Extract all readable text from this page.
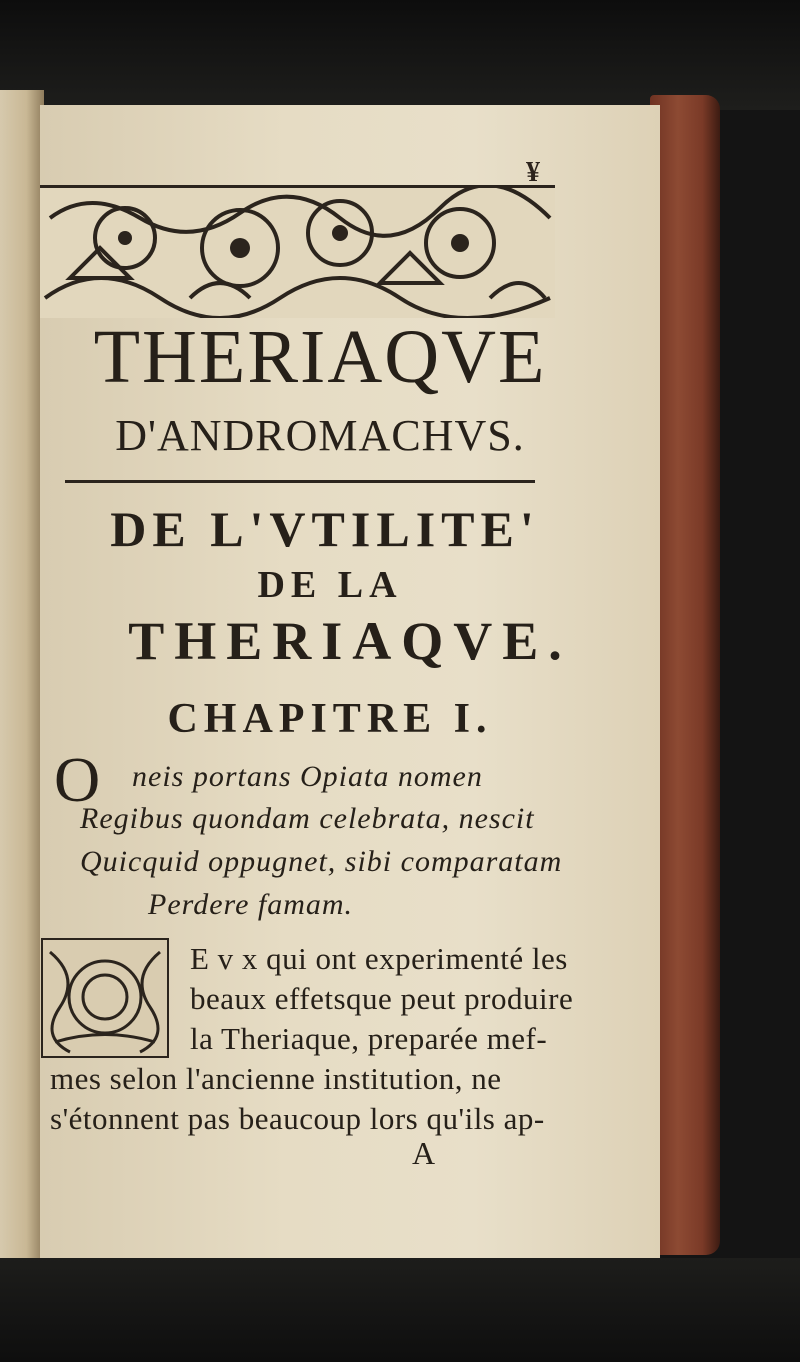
¥
THERIAQVE
D'ANDROMACHVS.
DE L'VTILITE'
DE LA
THERIAQVE.
CHAPITRE I.
O neis portans Opiata nomen
Regibus quondam celebrata, nescit
Quicquid oppugnet, sibi comparatam
Perdere famam.
E v x qui ont experimenté les
beaux effetsque peut produire
la Theriaque, preparée mef-
mes selon l'ancienne institution, ne
s'étonnent pas beaucoup lors qu'ils ap-
A
